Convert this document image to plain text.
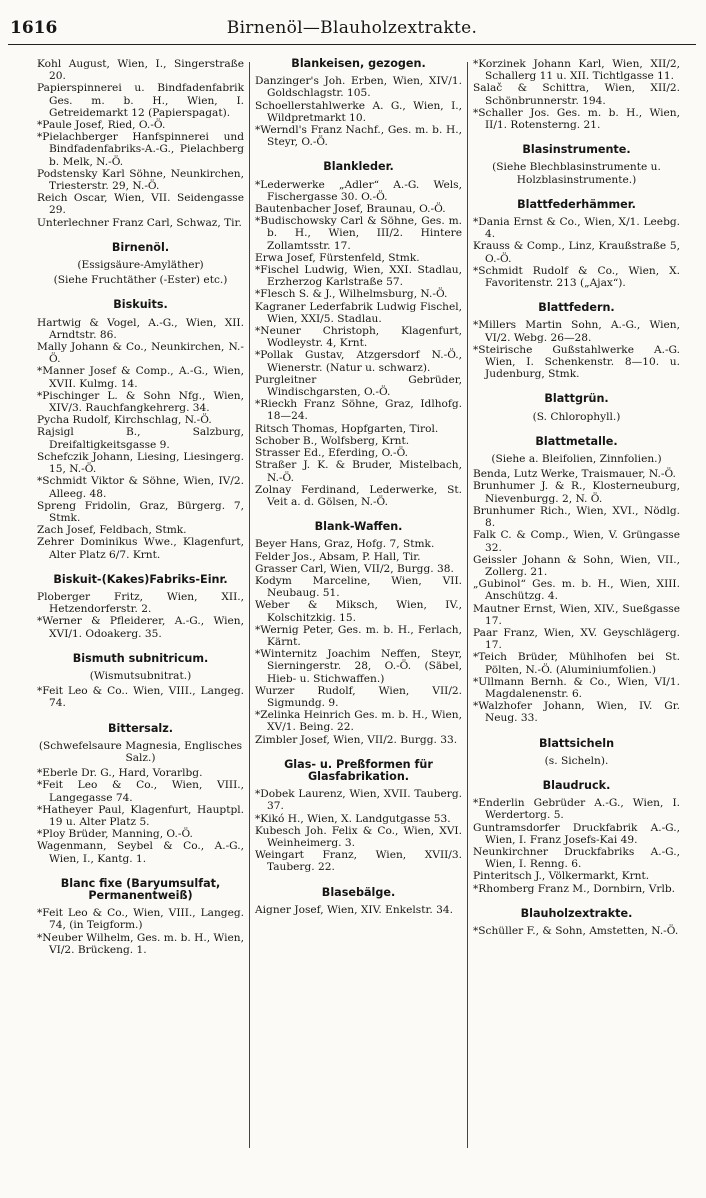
1616	Birnenöl—Blauholzextrakte.

Kohl August, Wien, I., Singerstraße 20.

Papierspinnerei u. Bindfadenfabrik Ges. m. b. H., Wien, I. Getreidemarkt 12 (Papierspagat).

*Paule Josef, Ried, O.-Ö.

*Pielachberger Hanfspinnerei und Bindfadenfabriks-A.-G., Pielachberg b. Melk, N.-Ö.

Podstensky Karl Söhne, Neunkirchen, Triesterstr. 29, N.-Ö.

Reich Oscar, Wien, VII. Seidengasse 29.

Unterlechner Franz Carl, Schwaz, Tir.

Birnenöl.

(Essigsäure-Amyläther)

(Siehe Fruchtäther (-Ester) etc.)

Biskuits.

Hartwig & Vogel, A.-G., Wien, XII. Arndtstr. 86.

Mally Johann & Co., Neunkirchen, N.-Ö.

*Manner Josef & Comp., A.-G., Wien, XVII. Kulmg. 14.

*Pischinger L. & Sohn Nfg., Wien, XIV/3. Rauchfangkehrerg. 34.

Pycha Rudolf, Kirchschlag, N.-Ö.

Rajsigl B., Salzburg, Dreifaltigkeitsgasse 9.

Schefczik Johann, Liesing, Liesingerg. 15, N.-Ö.

*Schmidt Viktor & Söhne, Wien, IV/2. Alleeg. 48.

Spreng Fridolin, Graz, Bürgerg. 7, Stmk.

Zach Josef, Feldbach, Stmk.

Zehrer Dominikus Wwe., Klagenfurt, Alter Platz 6/7. Krnt.

Biskuit-(Kakes)Fabriks-Einr.

Ploberger Fritz, Wien, XII., Hetzendorferstr. 2.

*Werner & Pfleiderer, A.-G., Wien, XVI/1. Odoakerg. 35.

Bismuth subnitricum.

(Wismutsubnitrat.)

*Feit Leo & Co.. Wien, VIII., Langeg. 74.

Bittersalz.

(Schwefelsaure Magnesia, Englisches Salz.)

*Eberle Dr. G., Hard, Vorarlbg.

*Feit Leo & Co., Wien, VIII., Langegasse 74.

*Hatheyer Paul, Klagenfurt, Hauptpl. 19 u. Alter Platz 5.

*Ploy Brüder, Manning, O.-Ö.

Wagenmann, Seybel & Co., A.-G., Wien, I., Kantg. 1.

Blanc fixe (Baryumsulfat, Permanentweiß)

*Feit Leo & Co., Wien, VIII., Langeg. 74, (in Teigform.)

*Neuber Wilhelm, Ges. m. b. H., Wien, VI/2. Brückeng. 1.

Blankeisen, gezogen.

Danzinger's Joh. Erben, Wien, XIV/1. Goldschlagstr. 105.

Schoellerstahlwerke A. G., Wien, I., Wildpretmarkt 10.

*Werndl's Franz Nachf., Ges. m. b. H., Steyr, O.-Ö.

Blankleder.

*Lederwerke „Adler“ A.-G. Wels, Fischergasse 30. O.-Ö.

Bautenbacher Josef, Braunau, O.-Ö.

*Budischowsky Carl & Söhne, Ges. m. b. H., Wien, III/2. Hintere Zollamtsstr. 17.

Erwa Josef, Fürstenfeld, Stmk.

*Fischel Ludwig, Wien, XXI. Stadlau, Erzherzog Karlstraße 57.

*Flesch S. & J., Wilhelmsburg, N.-Ö.

Kagraner Lederfabrik Ludwig Fischel, Wien, XXI/5. Stadlau.

*Neuner Christoph, Klagenfurt, Wodleystr. 4, Krnt.

*Pollak Gustav, Atzgersdorf N.-Ö., Wienerstr. (Natur u. schwarz).

Purgleitner Gebrüder, Windischgarsten, O.-Ö.

*Rieckh Franz Söhne, Graz, Idlhofg. 18—24.

Ritsch Thomas, Hopfgarten, Tirol.

Schober B., Wolfsberg, Krnt.

Strasser Ed., Eferding, O.-Ö.

Straßer J. K. & Bruder, Mistelbach, N.-Ö.

Zolnay Ferdinand, Lederwerke, St. Veit a. d. Gölsen, N.-Ö.

Blank-Waffen.

Beyer Hans, Graz, Hofg. 7, Stmk.

Felder Jos., Absam, P. Hall, Tir.

Grasser Carl, Wien, VII/2, Burgg. 38.

Kodym Marceline, Wien, VII. Neubaug. 51.

Weber & Miksch, Wien, IV., Kolschitzkig. 15.

*Wernig Peter, Ges. m. b. H., Ferlach, Kärnt.

*Winternitz Joachim Neffen, Steyr, Sierningerstr. 28, O.-Ö. (Säbel, Hieb- u. Stichwaffen.)

Wurzer Rudolf, Wien, VII/2. Sigmundg. 9.

*Zelinka Heinrich Ges. m. b. H., Wien, XV/1. Being. 22.

Zimbler Josef, Wien, VII/2. Burgg. 33.

Glas- u. Preßformen für Glasfabrikation.

*Dobek Laurenz, Wien, XVII. Tauberg. 37.

*Kikó H., Wien, X. Landgutgasse 53.

Kubesch Joh. Felix & Co., Wien, XVI. Weinheimerg. 3.

Weingart Franz, Wien, XVII/3. Tauberg. 22.

Blasebälge.

Aigner Josef, Wien, XIV. Enkelstr. 34.

*Korzinek Johann Karl, Wien, XII/2, Schallerg 11 u. XII. Tichtlgasse 11.

Salač & Schittra, Wien, XII/2. Schönbrunnerstr. 194.

*Schaller Jos. Ges. m. b. H., Wien, II/1. Rotensterng. 21.

Blasinstrumente.

(Siehe Blechblasinstrumente u. Holzblasinstrumente.)

Blattfederhämmer.

*Dania Ernst & Co., Wien, X/1. Leebg. 4.

Krauss & Comp., Linz, Kraußstraße 5, O.-Ö.

*Schmidt Rudolf & Co., Wien, X. Favoritenstr. 213 („Ajax“).

Blattfedern.

*Millers Martin Sohn, A.-G., Wien, VI/2. Webg. 26—28.

*Steirische Gußstahlwerke A.-G. Wien, I. Schenkenstr. 8—10. u. Judenburg, Stmk.

Blattgrün.

(S. Chlorophyll.)

Blattmetalle.

(Siehe a. Bleifolien, Zinnfolien.)

Benda, Lutz Werke, Traismauer, N.-Ö.

Brunhumer J. & R., Klosterneuburg, Nievenburgg. 2, N. Ö.

Brunhumer Rich., Wien, XVI., Nödlg. 8.

Falk C. & Comp., Wien, V. Grüngasse 32.

Geissler Johann & Sohn, Wien, VII., Zollerg. 21.

„Gubinol“ Ges. m. b. H., Wien, XIII. Anschützg. 4.

Mautner Ernst, Wien, XIV., Sueßgasse 17.

Paar Franz, Wien, XV. Geyschlägerg. 17.

*Teich Brüder, Mühlhofen bei St. Pölten, N.-Ö. (Aluminiumfolien.)

*Ullmann Bernh. & Co., Wien, VI/1. Magdalenenstr. 6.

*Walzhofer Johann, Wien, IV. Gr. Neug. 33.

Blattsicheln

(s. Sicheln).

Blaudruck.

*Enderlin Gebrüder A.-G., Wien, I. Werdertorg. 5.

Guntramsdorfer Druckfabrik A.-G., Wien, I. Franz Josefs-Kai 49.

Neunkirchner Druckfabriks A.-G., Wien, I. Renng. 6.

Pinteritsch J., Völkermarkt, Krnt.

*Rhomberg Franz M., Dornbirn, Vrlb.

Blauholzextrakte.

*Schüller F., & Sohn, Amstetten, N.-Ö.
